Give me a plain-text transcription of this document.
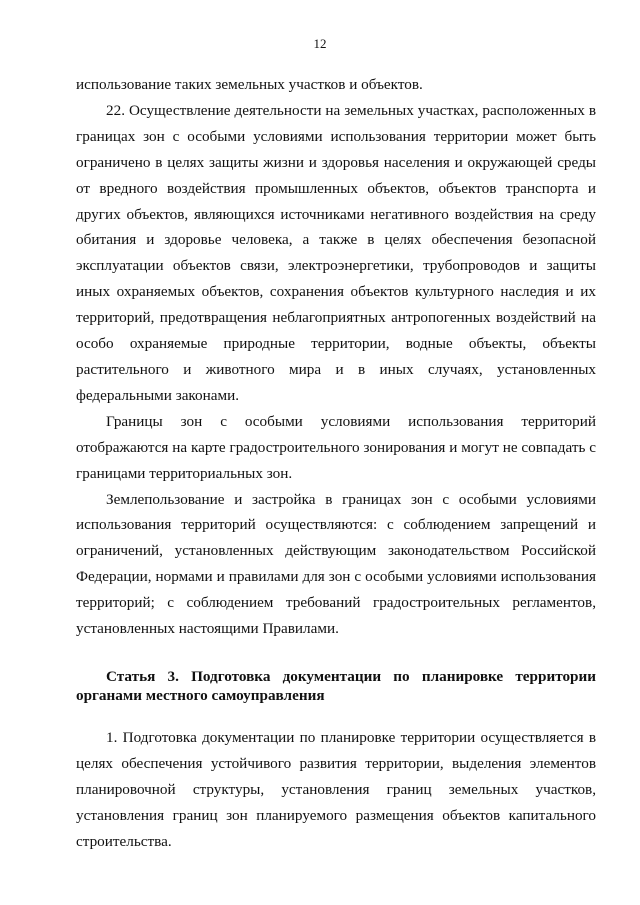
12

использование таких земельных участков и объектов.

22. Осуществление деятельности на земельных участках, расположенных в границах зон с особыми условиями использования территории может быть ограничено в целях защиты жизни и здоровья населения и окружающей среды от вредного воздействия промышленных объектов, объектов транспорта и других объектов, являющихся источниками негативного воздействия на среду обитания и здоровье человека, а также в целях обеспечения безопасной эксплуатации объектов связи, электроэнергетики, трубопроводов и защиты иных охраняемых объектов, сохранения объектов культурного наследия и их территорий, предотвращения неблагоприятных антропогенных воздействий на особо охраняемые природные территории, водные объекты, объекты растительного и животного мира и в иных случаях, установленных федеральными законами.

Границы зон с особыми условиями использования территорий отображаются на карте градостроительного зонирования и могут не совпадать с границами территориальных зон.

Землепользование и застройка в границах зон с особыми условиями использования территорий осуществляются: с соблюдением запрещений и ограничений, установленных действующим законодательством Российской Федерации, нормами и правилами для зон с особыми условиями использования территорий; с соблюдением требований градостроительных регламентов, установленных настоящими Правилами.

Статья 3. Подготовка документации по планировке территории органами местного самоуправления

1. Подготовка документации по планировке территории осуществляется в целях обеспечения устойчивого развития территории, выделения элементов планировочной структуры, установления границ земельных участков, установления границ зон планируемого размещения объектов капитального строительства.
